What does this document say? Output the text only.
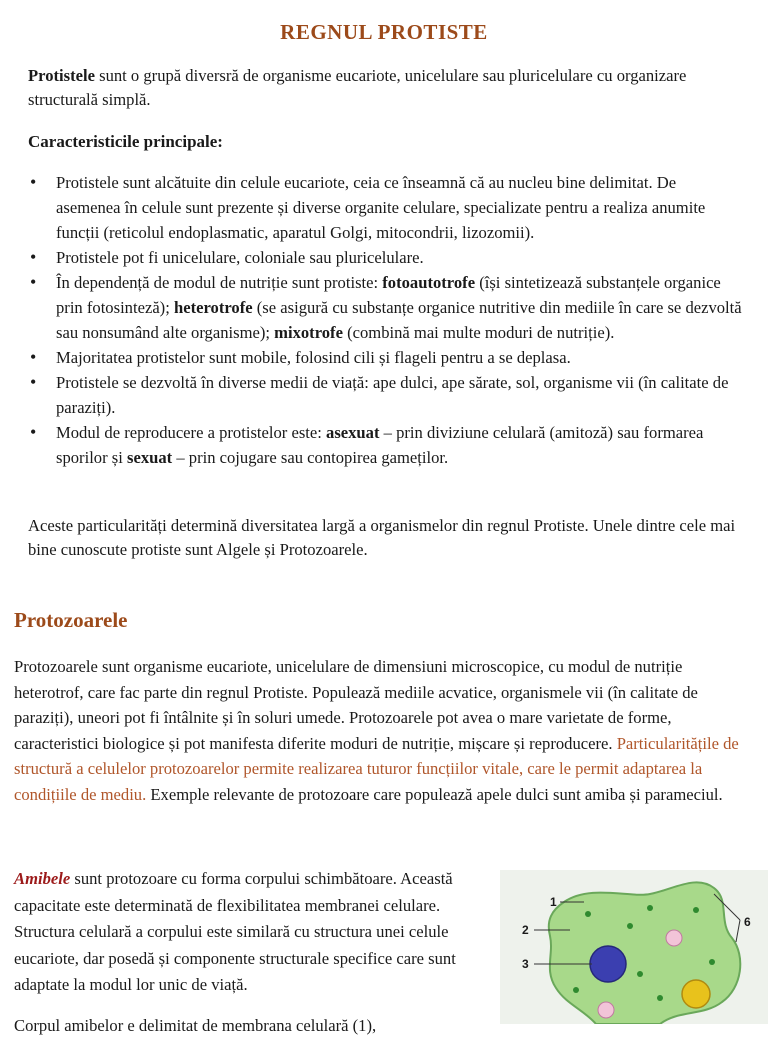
REGNUL PROTISTE

Protistele sunt o grupă diversră de organisme eucariote, unicelulare sau pluricelulare cu organizare structurală simplă.

Caracteristicile principale:

• Protistele sunt alcătuite din celule eucariote, ceia ce înseamnă că au nucleu bine delimitat. De asemenea în celule sunt prezente și diverse organite celulare, specializate pentru a realiza anumite funcții (reticolul endoplasmatic, aparatul Golgi, mitocondrii, lizozomii).
• Protistele pot fi unicelulare, coloniale sau pluricelulare.
• În dependență de modul de nutriție sunt protiste: fotoautotrofe (își sintetizează substanțele organice prin fotosinteză); heterotrofe (se asigură cu substanțe organice nutritive din mediile în care se dezvoltă sau nonsumând alte organisme); mixotrofe (combină mai multe moduri de nutriție).
• Majoritatea protistelor sunt mobile, folosind cili și flageli pentru a se deplasa.
• Protistele se dezvoltă în diverse medii de viață: ape dulci, ape sărate, sol, organisme vii (în calitate de paraziți).
• Modul de reproducere a protistelor este: asexuat – prin diviziune celulară (amitoză) sau formarea sporilor și sexuat – prin cojugare sau contopirea gameților.

Aceste particularități determină diversitatea largă a organismelor din regnul Protiste. Unele dintre cele mai bine cunoscute protiste sunt Algele și Protozoarele.

Protozoarele

Protozoarele sunt organisme eucariote, unicelulare de dimensiuni microscopice, cu modul de nutriție heterotrof, care fac parte din regnul Protiste. Populează mediile acvatice, organismele vii (în calitate de paraziți), uneori pot fi întâlnite și în soluri umede. Protozoarele pot avea o mare varietate de forme, caracteristici biologice și pot manifesta diferite moduri de nutriție, mișcare și reproducere. Particularitățile de structură a celulelor protozoarelor permite realizarea tuturor funcțiilor vitale, care le permit adaptarea la condițiile de mediu. Exemple relevante de protozoare care populează apele dulci sunt amiba și parameciul.

Amibele sunt protozoare cu forma corpului schimbătoare. Această capacitate este determinată de flexibilitatea membranei celulare. Structura celulară a corpului este similară cu structura unei celule eucariote, dar posedă și componente structurale specifice care sunt adaptate la modul lor unic de viață.

Corpul amibelor e delimitat de membrana celulară (1),

1
2
3
6
